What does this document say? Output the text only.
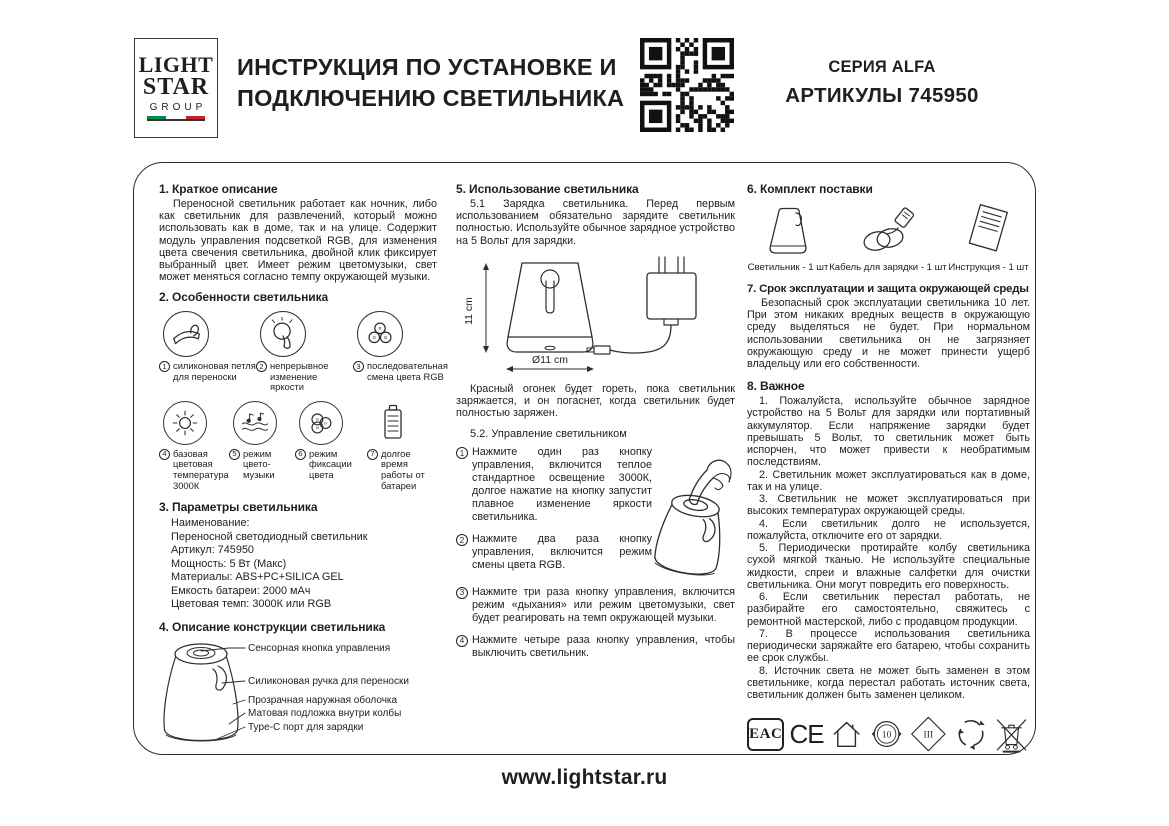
LIGHT
STAR
GROUP
ИНСТРУКЦИЯ ПО УСТАНОВКЕ И
ПОДКЛЮЧЕНИЮ СВЕТИЛЬНИКА
СЕРИЯ ALFA
АРТИКУЛЫ 745950
1. Краткое описание

Переносной светильник работает как ночник, либо как светильник для развлечений, который можно использовать как в доме, так и на улице. Содержит модуль управления подсветкой RGB, для изменения цвета свечения светильника, двойной клик фиксирует выбранный цвет. Имеет режим цветомузыки, свет может меняться согласно темпу окружающей музыки.

2. Особенности светильника
1 силиконовая петля для переноски
2 непрерывное изменение яркости
R
G B
3 последовательная смена цвета RGB
4 базовая цветовая температура 3000К
5 режим цвето-музыки
R
G
B
6 режим фиксации цвета
7 долгое время работы от батареи
3. Параметры светильника
Наименование:
Переносной светодиодный светильник
Артикул: 745950
Мощность: 5 Вт (Макс)
Материалы: ABS+PC+SILICA GEL
Емкость батареи: 2000 мАч
Цветовая темп: 3000К или RGB
4. Описание конструкции светильника
Сенсорная кнопка управления
Силиконовая ручка для переноски
Прозрачная наружная оболочка
Матовая подложка внутри колбы
Type-C порт для зарядки
5. Использование светильника

5.1 Зарядка светильника. Перед первым использованием обязательно зарядите светильник полностью. Используйте обычное зарядное устройство на 5 Вольт для зарядки.

11 cm
Ø11 cm

Красный огонек будет гореть, пока светильник заряжается, и он погаснет, когда светильник будет полностью заряжен.

5.2. Управление светильником
1 Нажмите один раз кнопку управления, включится теплое стандартное освещение 3000К, долгое нажатие на кнопку запустит плавное изменение яркости светильника.
2 Нажмите два раза кнопку управления, включится режим смены цвета RGB.
3 Нажмите три раза кнопку управления, включится режим «дыхания» или режим цветомузыки, свет будет реагировать на темп окружающей музыки.
4 Нажмите четыре раза кнопку управления, чтобы выключить светильник.
6. Комплект поставки
Светильник - 1 шт Кабель для зарядки - 1 шт Инструкция - 1 шт
7. Срок эксплуатации и защита окружающей среды

Безопасный срок эксплуатации светильника 10 лет. При этом никаких вредных веществ в окружающую среду выделяться не будет. При нормальном использовании светильника он не загрязняет окружающую среду и не может принести ущерб владельцу или его собственности.

8. Важное

1. Пожалуйста, используйте обычное зарядное устройство на 5 Вольт для зарядки или портативный аккумулятор. Если напряжение зарядки будет превышать 5 Вольт, то светильник может быть испорчен, что может привести к необратимым последствиям.

2. Светильник может эксплуатироваться как в доме, так и на улице.

3. Светильник не может эксплуатироваться при высоких температурах окружающей среды.

4. Если светильник долго не используется, пожалуйста, отключите его от зарядки.

5. Периодически протирайте колбу светильника сухой мягкой тканью. Не используйте специальные жидкости, спреи и влажные салфетки для очистки светильника. Они могут повредить его поверхность.

6. Если светильник перестал работать, не разбирайте его самостоятельно, свяжитесь с ремонтной мастерской, либо с продавцом продукции.

7. В процессе использования светильника периодически заряжайте его батарею, чтобы сохранить ее срок службы.

8. Источник света не может быть заменен в этом светильнике, когда перестал работать источник света, светильник должен быть заменен целиком.

EAC CE	10	III
www.lightstar.ru
